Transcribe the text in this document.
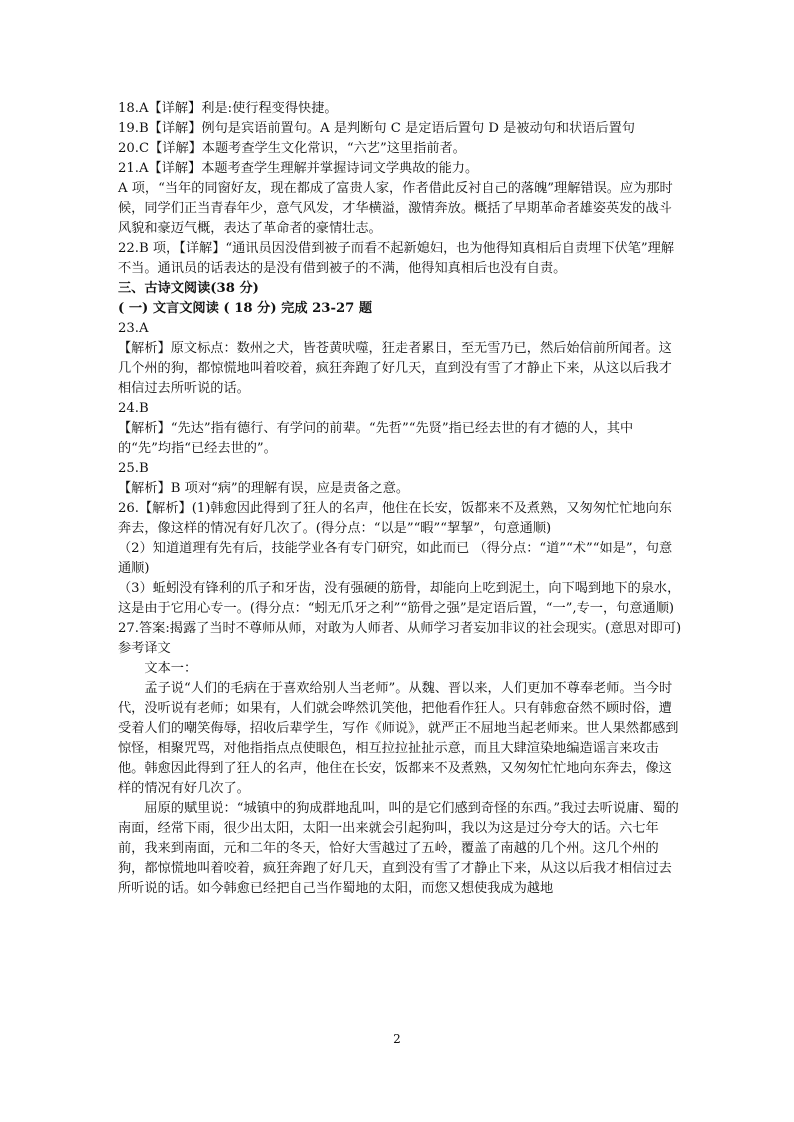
18.A【详解】利是:使行程变得快捷。

19.B【详解】例句是宾语前置句。A 是判断句 C 是定语后置句 D 是被动句和状语后置句

20.C【详解】本题考查学生文化常识，“六艺”这里指前者。

21.A【详解】本题考查学生理解并掌握诗词文学典故的能力。

A 项，“当年的同窗好友，现在都成了富贵人家，作者借此反衬自己的落魄”理解错误。应为那时候，同学们正当青春年少，意气风发，才华横溢，激情奔放。概括了早期革命者雄姿英发的战斗风貌和豪迈气概，表达了革命者的豪情壮志。

22.B 项，【详解】“通讯员因没借到被子而看不起新媳妇，也为他得知真相后自责埋下伏笔”理解不当。通讯员的话表达的是没有借到被子的不满，他得知真相后也没有自责。

三、古诗文阅读(38 分)

( 一) 文言文阅读 ( 18 分) 完成 23-27 题

23.A

【解析】原文标点：数州之犬，皆苍黄吠噬，狂走者累日，至无雪乃已，然后始信前所闻者。这几个州的狗，都惊慌地叫着咬着，疯狂奔跑了好几天，直到没有雪了才静止下来，从这以后我才相信过去所听说的话。

24.B

【解析】“先达”指有德行、有学问的前辈。“先哲”“先贤”指已经去世的有才德的人，其中的“先”均指“已经去世的”。

25.B

【解析】B 项对“病”的理解有误，应是责备之意。

26.【解析】(1)韩愈因此得到了狂人的名声，他住在长安，饭都来不及煮熟，又匆匆忙忙地向东奔去，像这样的情况有好几次了。(得分点：“以是”“暇”“挈挈”，句意通顺)

（2）知道道理有先有后，技能学业各有专门研究，如此而已 （得分点：“道”“术”“如是”，句意通顺)

（3）蚯蚓没有锋利的爪子和牙齿，没有强硬的筋骨，却能向上吃到泥土，向下喝到地下的泉水，这是由于它用心专一。(得分点：“蚓无爪牙之利”“筋骨之强”是定语后置，“一”,专一，句意通顺)

27.答案:揭露了当时不尊师从师，对敢为人师者、从师学习者妄加非议的社会现实。(意思对即可)

参考译文

文本一：

孟子说“人们的毛病在于喜欢给别人当老师”。从魏、晋以来，人们更加不尊奉老师。当今时代，没听说有老师；如果有，人们就会哗然讥笑他，把他看作狂人。只有韩愈奋然不顾时俗，遭受着人们的嘲笑侮辱，招收后辈学生，写作《师说》，就严正不屈地当起老师来。世人果然都感到惊怪，相聚咒骂，对他指指点点使眼色，相互拉拉扯扯示意，而且大肆渲染地编造谣言来攻击他。韩愈因此得到了狂人的名声，他住在长安，饭都来不及煮熟，又匆匆忙忙地向东奔去，像这样的情况有好几次了。

屈原的赋里说：“城镇中的狗成群地乱叫，叫的是它们感到奇怪的东西。”我过去听说庸、蜀的南面，经常下雨，很少出太阳，太阳一出来就会引起狗叫，我以为这是过分夸大的话。六七年前，我来到南面，元和二年的冬天，恰好大雪越过了五岭，覆盖了南越的几个州。这几个州的狗，都惊慌地叫着咬着，疯狂奔跑了好几天，直到没有雪了才静止下来，从这以后我才相信过去所听说的话。如今韩愈已经把自己当作蜀地的太阳，而您又想使我成为越地

2
